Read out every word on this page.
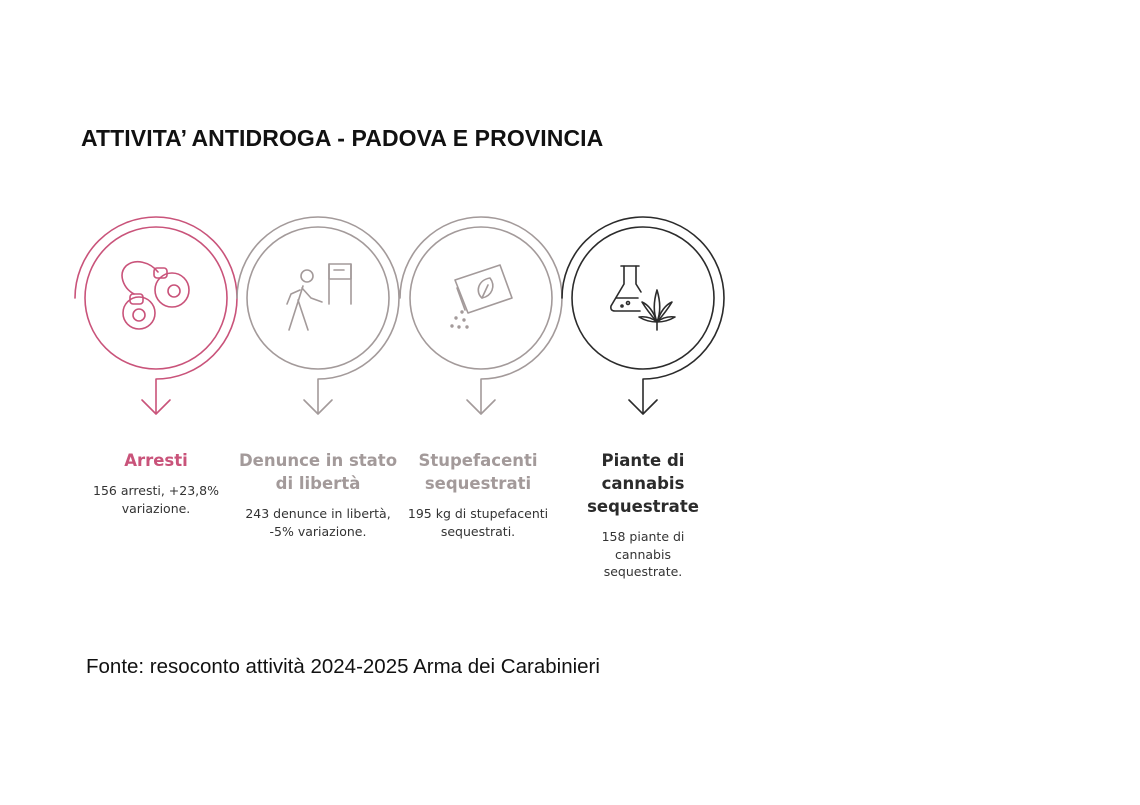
ATTIVITA’ ANTIDROGA - PADOVA E PROVINCIA
Arresti
156 arresti, +23,8% variazione.
Denunce in stato di libertà
243 denunce in libertà, -5% variazione.
Stupefacenti sequestrati
195 kg di stupefacenti sequestrati.
Piante di cannabis sequestrate
158 piante di cannabis sequestrate.
Fonte: resoconto attività 2024-2025 Arma dei Carabinieri
